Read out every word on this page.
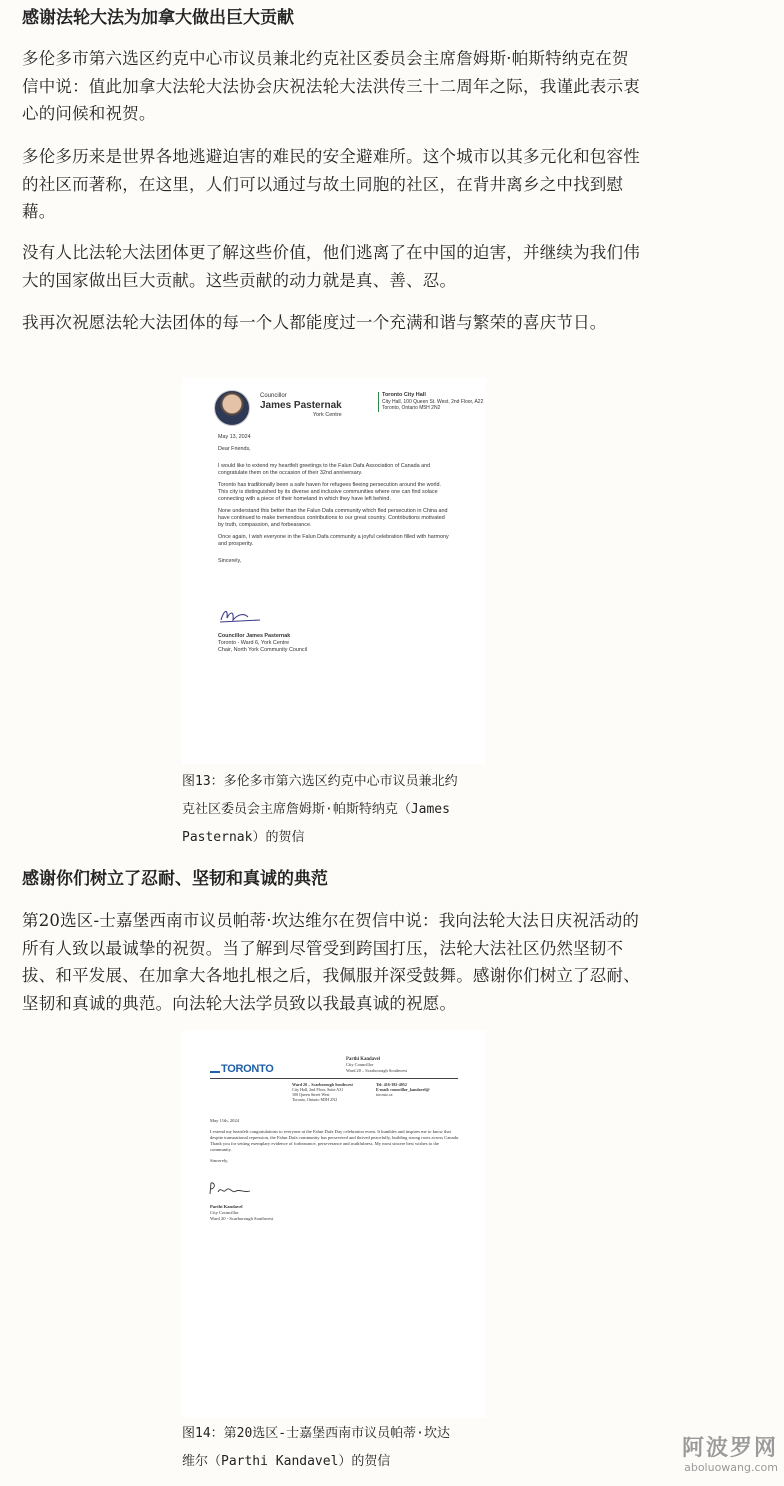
感谢法轮大法为加拿大做出巨大贡献

多伦多市第六选区约克中心市议员兼北约克社区委员会主席詹姆斯·帕斯特纳克在贺信中说：值此加拿大法轮大法协会庆祝法轮大法洪传三十二周年之际，我谨此表示衷心的问候和祝贺。

多伦多历来是世界各地逃避迫害的难民的安全避难所。这个城市以其多元化和包容性的社区而著称，在这里，人们可以通过与故土同胞的社区，在背井离乡之中找到慰藉。

没有人比法轮大法团体更了解这些价值，他们逃离了在中国的迫害，并继续为我们伟大的国家做出巨大贡献。这些贡献的动力就是真、善、忍。

我再次祝愿法轮大法团体的每一个人都能度过一个充满和谐与繁荣的喜庆节日。

Councillor
James Pasternak
York Centre
Toronto City Hall
City Hall, 100 Queen St. West, 2nd Floor, A22
Toronto, Ontario M5H 2N2
May 13, 2024
Dear Friends,
I would like to extend my heartfelt greetings to the Falun Dafa Association of Canada and congratulate them on the occasion of their 32nd anniversary.
Toronto has traditionally been a safe haven for refugees fleeing persecution around the world. This city is distinguished by its diverse and inclusive communities where one can find solace connecting with a piece of their homeland in which they have left behind.
None understand this better than the Falun Dafa community which fled persecution in China and have continued to make tremendous contributions to our great country. Contributions motivated by truth, compassion, and forbearance.
Once again, I wish everyone in the Falun Dafa community a joyful celebration filled with harmony and prosperity.
Sincerely,
Councillor James Pasternak
Toronto - Ward 6, York Centre
Chair, North York Community Council
图13：多伦多市第六选区约克中心市议员兼北约
克社区委员会主席詹姆斯·帕斯特纳克（James
Pasternak）的贺信
感谢你们树立了忍耐、坚韧和真诚的典范

第20选区-士嘉堡西南市议员帕蒂·坎达维尔在贺信中说：我向法轮大法日庆祝活动的所有人致以最诚挚的祝贺。当了解到尽管受到跨国打压，法轮大法社区仍然坚韧不拔、和平发展、在加拿大各地扎根之后，我佩服并深受鼓舞。感谢你们树立了忍耐、坚韧和真诚的典范。向法轮大法学员致以我最真诚的祝愿。

TORONTO
Parthi Kandavel
City Councillor
Ward 20 – Scarborough Southwest
Ward 20 – Scarborough Southwest
City Hall, 2nd Floor, Suite A31
100 Queen Street West
Toronto, Ontario M5H 2N2
Tel: 416-392-4052
E-mail: councillor_kandavel@
toronto.ca
May 11th, 2024
I extend my heartfelt congratulations to everyone at the Falun Dafa Day celebration event. It humbles and inspires me to know that despite transnational repression, the Falun Dafa community has persevered and thrived peacefully, building strong roots across Canada. Thank you for setting exemplary evidence of forbearance, perseverance and truthfulness. My most sincere best wishes to the community.
Sincerely,
Parthi Kandavel
City Councillor
Ward 20 - Scarborough Southwest
图14：第20选区-士嘉堡西南市议员帕蒂·坎达
维尔（Parthi Kandavel）的贺信
阿波罗网
aboluowang.com
